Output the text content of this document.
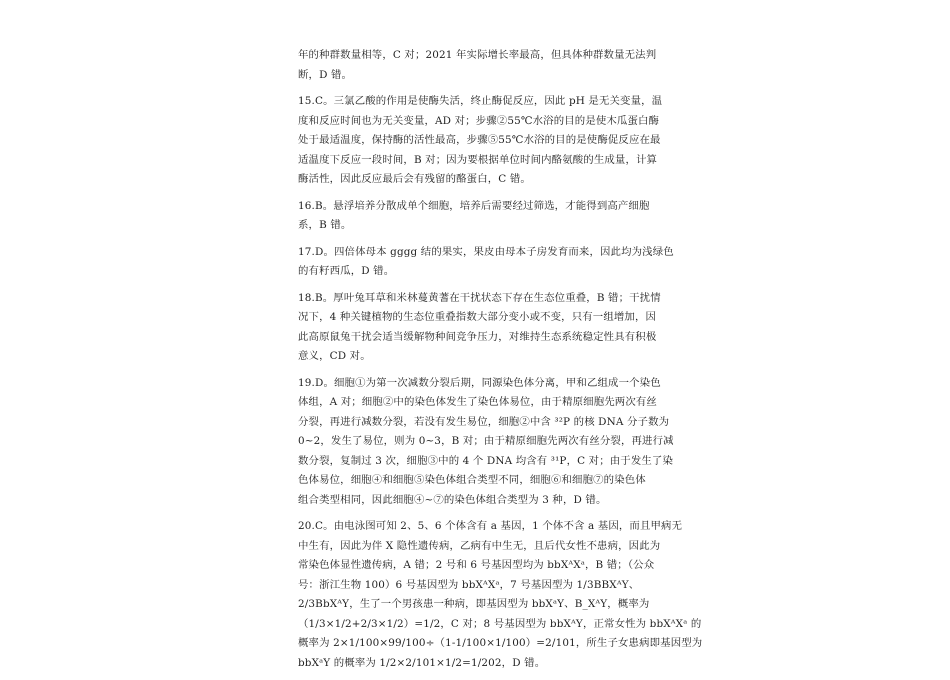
年的种群数量相等，C 对；2021 年实际增长率最高，但具体种群数量无法判
断，D 错。
15.C。三氯乙酸的作用是使酶失活，终止酶促反应，因此 pH 是无关变量，温
度和反应时间也为无关变量，AD 对；步骤②55℃水浴的目的是使木瓜蛋白酶
处于最适温度，保持酶的活性最高，步骤⑤55℃水浴的目的是使酶促反应在最
适温度下反应一段时间，B 对；因为要根据单位时间内酪氨酸的生成量，计算
酶活性，因此反应最后会有残留的酪蛋白，C 错。
16.B。悬浮培养分散成单个细胞，培养后需要经过筛选，才能得到高产细胞
系，B 错。
17.D。四倍体母本 gggg 结的果实，果皮由母本子房发育而来，因此均为浅绿色
的有籽西瓜，D 错。
18.B。厚叶兔耳草和米林蔓黄蓍在干扰状态下存在生态位重叠，B 错；干扰情
况下，4 种关键植物的生态位重叠指数大部分变小或不变，只有一组增加，因
此高原鼠兔干扰会适当缓解物种间竞争压力，对维持生态系统稳定性具有积极
意义，CD 对。
19.D。细胞①为第一次减数分裂后期，同源染色体分离，甲和乙组成一个染色
体组，A 对；细胞②中的染色体发生了染色体易位，由于精原细胞先两次有丝
分裂，再进行减数分裂，若没有发生易位，细胞②中含 ³²P 的核 DNA 分子数为
0~2，发生了易位，则为 0~3，B 对；由于精原细胞先两次有丝分裂，再进行减
数分裂，复制过 3 次，细胞③中的 4 个 DNA 均含有 ³¹P，C 对；由于发生了染
色体易位，细胞④和细胞⑤染色体组合类型不同，细胞⑥和细胞⑦的染色体
组合类型相同，因此细胞④~⑦的染色体组合类型为 3 种，D 错。
20.C。由电泳图可知 2、5、6 个体含有 a 基因，1 个体不含 a 基因，而且甲病无
中生有，因此为伴 X 隐性遗传病，乙病有中生无，且后代女性不患病，因此为
常染色体显性遗传病，A 错；2 号和 6 号基因型均为 bbXᴬXᵃ，B 错；（公众
号：浙江生物 100）6 号基因型为 bbXᴬXᵃ，7 号基因型为 1/3BBXᴬY、
2/3BbXᴬY，生了一个男孩患一种病，即基因型为 bbXᵃY、B_XᴬY，概率为
（1/3×1/2+2/3×1/2）=1/2，C 对；8 号基因型为 bbXᴬY，正常女性为 bbXᴬXᵃ 的
概率为 2×1/100×99/100÷（1-1/100×1/100）=2/101，所生子女患病即基因型为
bbXᵃY 的概率为 1/2×2/101×1/2=1/202，D 错。
